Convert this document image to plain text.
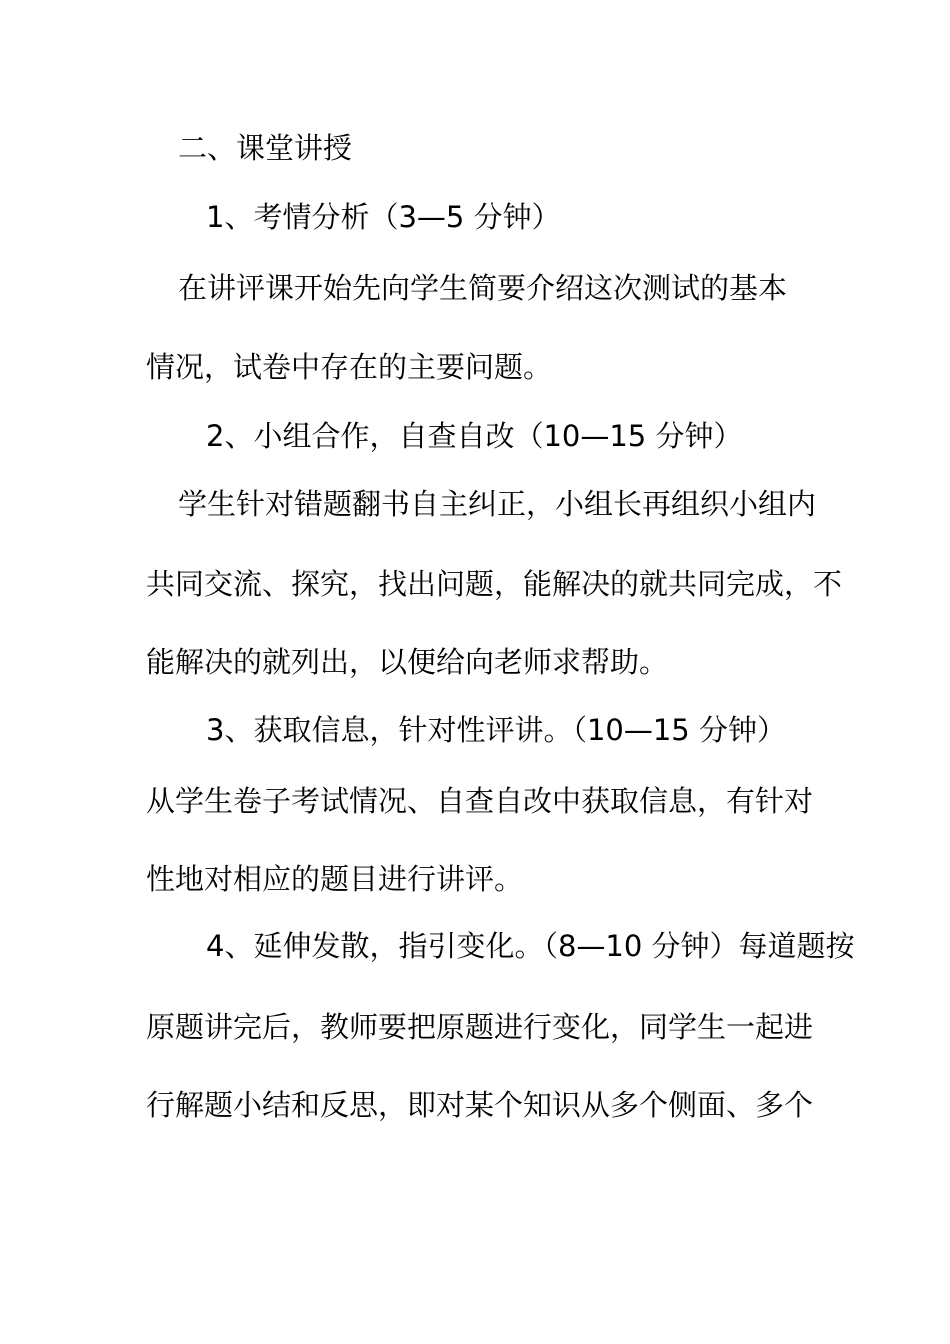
二、课堂讲授

1、考情分析（3—5 分钟）

在讲评课开始先向学生简要介绍这次测试的基本

情况，试卷中存在的主要问题。

2、小组合作，自查自改（10—15 分钟）

学生针对错题翻书自主纠正，小组长再组织小组内

共同交流、探究，找出问题，能解决的就共同完成，不

能解决的就列出，以便给向老师求帮助。

3、获取信息，针对性评讲。（10—15 分钟）

从学生卷子考试情况、自查自改中获取信息，有针对

性地对相应的题目进行讲评。

4、延伸发散，指引变化。（8—10 分钟）每道题按

原题讲完后，教师要把原题进行变化，同学生一起进

行解题小结和反思，即对某个知识从多个侧面、多个
